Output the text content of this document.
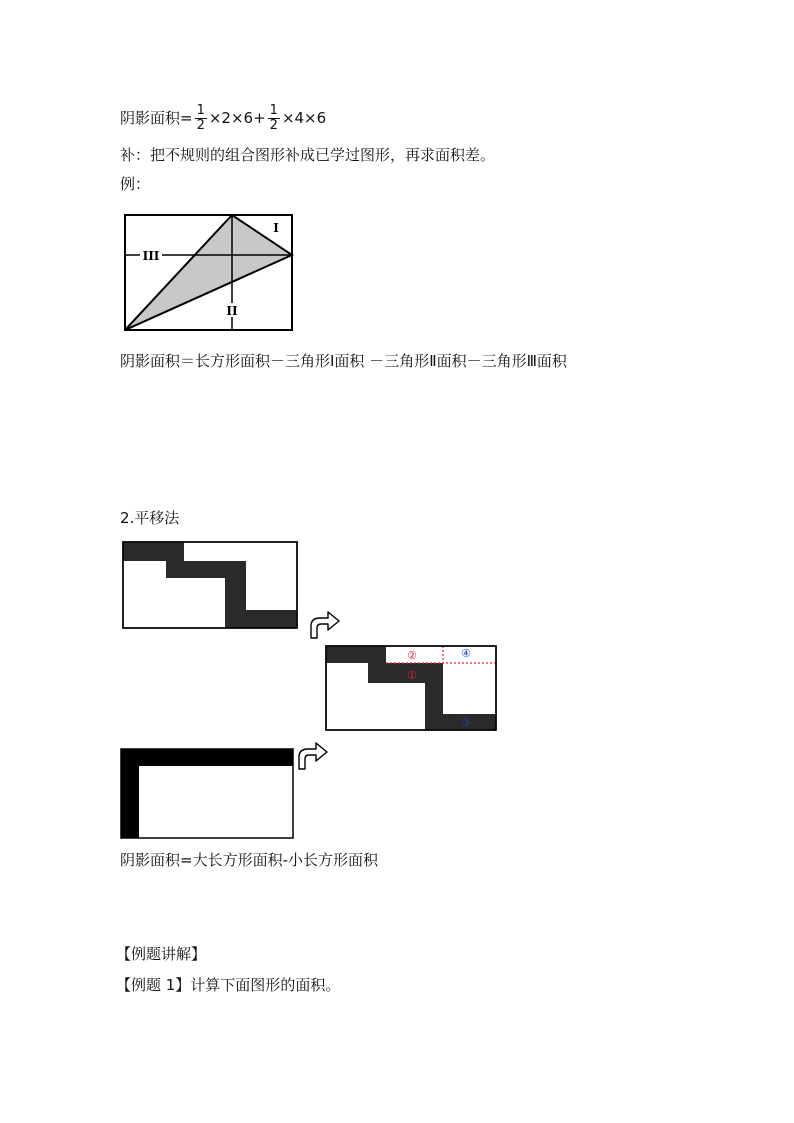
阴影面积= $\frac{1}{2} \times 2\times 6+ \frac{1}{2} \times 4\times 6$
补：把不规则的组合图形补成已学过图形，再求面积差。
例：
III
I
II
阴影面积＝长方形面积－三角形Ⅰ面积 －三角形Ⅱ面积－三角形Ⅲ面积
2.平移法
②	④
①
③
阴影面积=大长方形面积-小长方形面积
【例题讲解】
【例题 1】计算下面图形的面积。
